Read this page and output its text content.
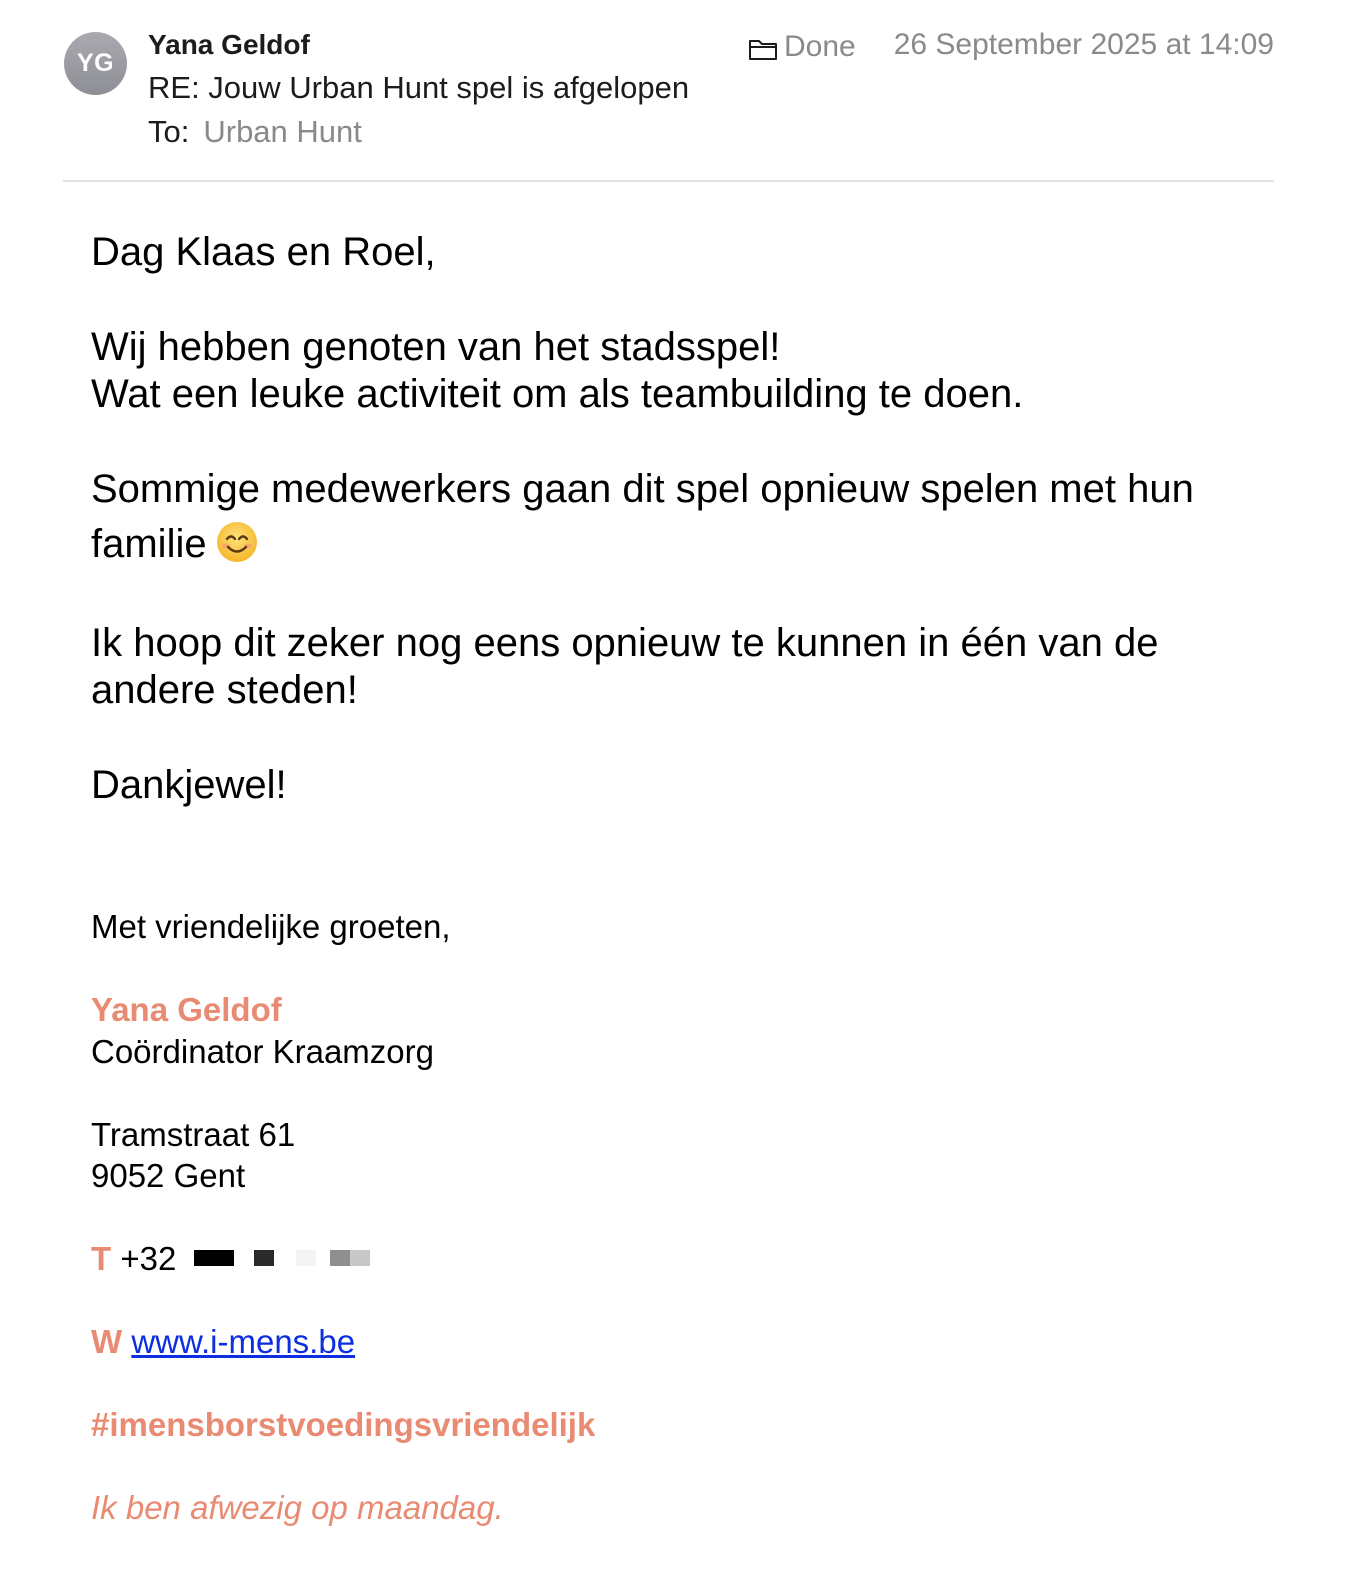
YG
Yana Geldof
RE: Jouw Urban Hunt spel is afgelopen
To: Urban Hunt
Done 26 September 2025 at 14:09
Dag Klaas en Roel,
Wij hebben genoten van het stadsspel!
Wat een leuke activiteit om als teambuilding te doen.
Sommige medewerkers gaan dit spel opnieuw spelen met hun
familie
Ik hoop dit zeker nog eens opnieuw te kunnen in één van de
andere steden!
Dankjewel!
Met vriendelijke groeten,
Yana Geldof
Coördinator Kraamzorg
Tramstraat 61
9052 Gent
T +32
W www.i-mens.be
#imensborstvoedingsvriendelijk
Ik ben afwezig op maandag.
